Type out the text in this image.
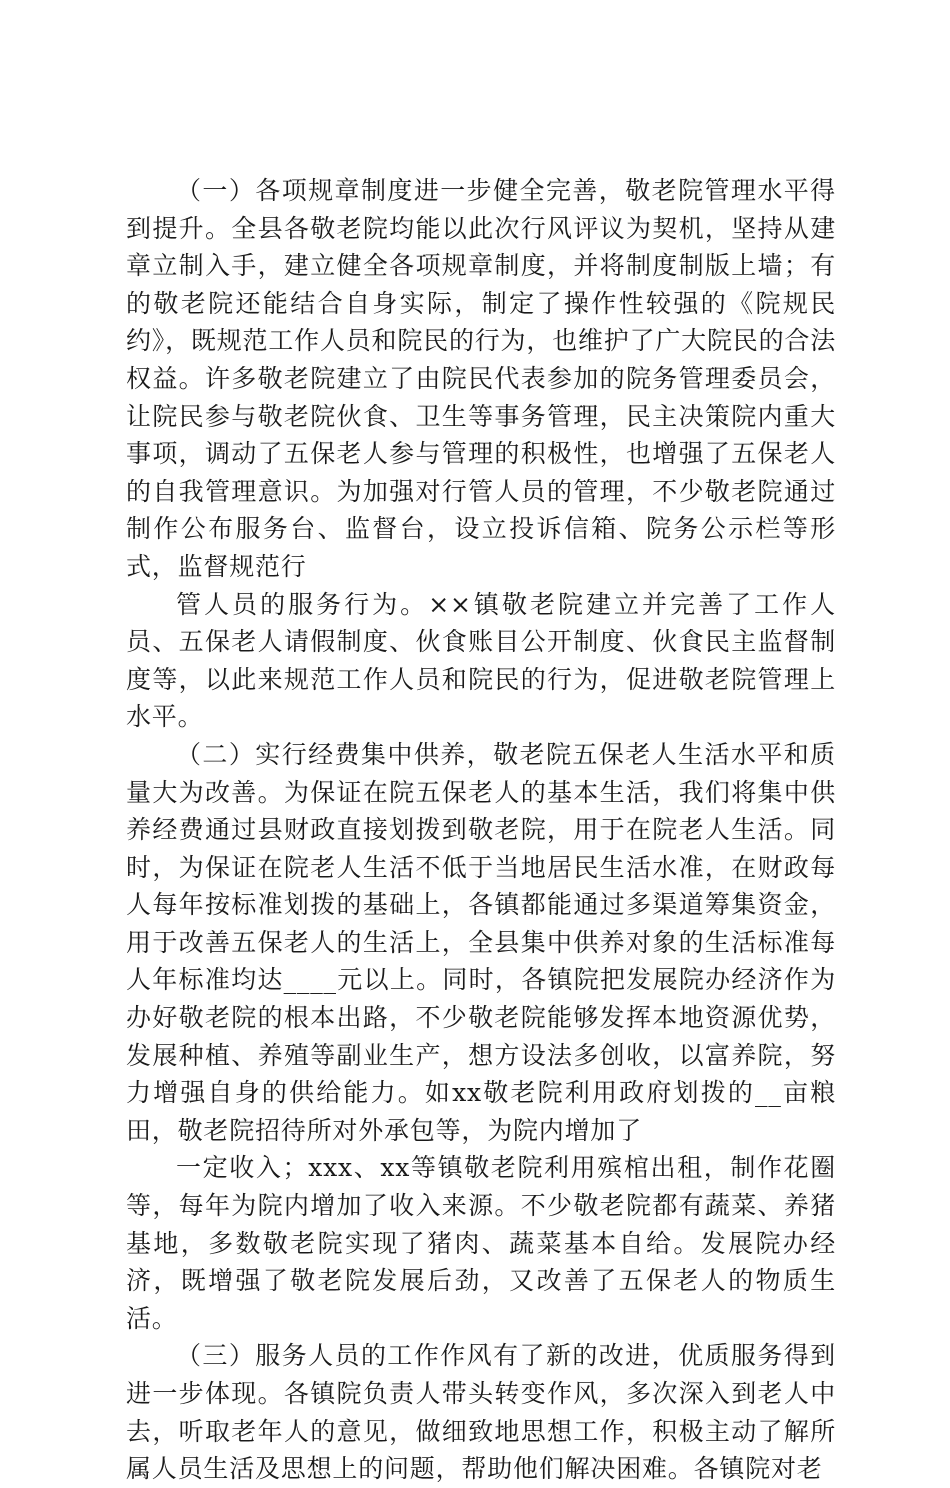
（一）各项规章制度进一步健全完善，敬老院管理水平得到提升。全县各敬老院均能以此次行风评议为契机，坚持从建章立制入手，建立健全各项规章制度，并将制度制版上墙；有的敬老院还能结合自身实际，制定了操作性较强的《院规民约》，既规范工作人员和院民的行为，也维护了广大院民的合法权益。许多敬老院建立了由院民代表参加的院务管理委员会，让院民参与敬老院伙食、卫生等事务管理，民主决策院内重大事项，调动了五保老人参与管理的积极性，也增强了五保老人的自我管理意识。为加强对行管人员的管理，不少敬老院通过制作公布服务台、监督台，设立投诉信箱、院务公示栏等形式，监督规范行

管人员的服务行为。××镇敬老院建立并完善了工作人员、五保老人请假制度、伙食账目公开制度、伙食民主监督制度等，以此来规范工作人员和院民的行为，促进敬老院管理上水平。

（二）实行经费集中供养，敬老院五保老人生活水平和质量大为改善。为保证在院五保老人的基本生活，我们将集中供养经费通过县财政直接划拨到敬老院，用于在院老人生活。同时，为保证在院老人生活不低于当地居民生活水准，在财政每人每年按标准划拨的基础上，各镇都能通过多渠道筹集资金，用于改善五保老人的生活上，全县集中供养对象的生活标准每人年标准均达____元以上。同时，各镇院把发展院办经济作为办好敬老院的根本出路，不少敬老院能够发挥本地资源优势，发展种植、养殖等副业生产，想方设法多创收，以富养院，努力增强自身的供给能力。如xx敬老院利用政府划拨的__亩粮田，敬老院招待所对外承包等，为院内增加了

一定收入；xxx、xx等镇敬老院利用殡棺出租，制作花圈等，每年为院内增加了收入来源。不少敬老院都有蔬菜、养猪基地，多数敬老院实现了猪肉、蔬菜基本自给。发展院办经济，既增强了敬老院发展后劲，又改善了五保老人的物质生活。

（三）服务人员的工作作风有了新的改进，优质服务得到进一步体现。各镇院负责人带头转变作风，多次深入到老人中去，听取老年人的意见，做细致地思想工作，积极主动了解所属人员生活及思想上的问题，帮助他们解决困难。各镇院对老
